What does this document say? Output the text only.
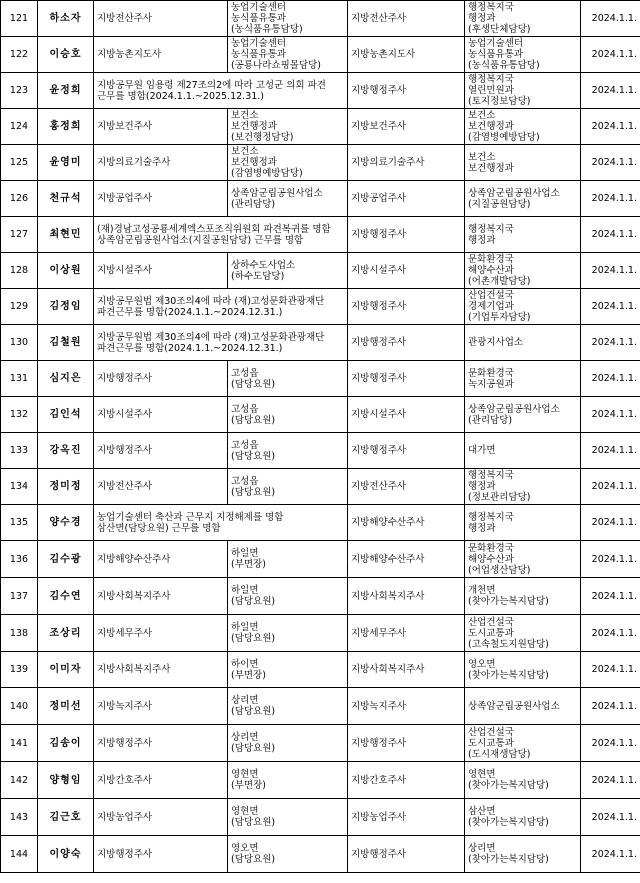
121	하소자	지방전산주사	농업기술센터
농식품유통과
(농식품유통담당)	지방전산주사	행정복지국
행정과
(후생단체담당)	2024.1.1.
122	이승호	지방농촌지도사	농업기술센터
농식품유통과
(공룡나라쇼핑몰담당)	지방농촌지도사	농업기술센터
농식품유통과
(농식품유통담당)	2024.1.1.
123	윤정희	지방공무원 임용령 제27조의2에 따라 고성군 의회 파견
근무를 명함(2024.1.1.~2025.12.31.)		지방행정주사	행정복지국
열린민원과
(토지정보담당)	2024.1.1.
124	홍정희	지방보건주사	보건소
보건행정과
(보건행정담당)	지방보건주사	보건소
보건행정과
(감염병예방담당)	2024.1.1.
125	윤영미	지방의료기술주사	보건소
보건행정과
(감염병예방담당)	지방의료기술주사	보건소
보건행정과	2024.1.1.
126	천규석	지방공업주사	상족암군립공원사업소
(관리담당)	지방공업주사	상족암군립공원사업소
(지질공원담당)	2024.1.1.
127	최현민	(재)경남고성공룡세계엑스포조직위원회 파견복귀를 명함
상족암군립공원사업소(지질공원담당) 근무를 명함		지방행정주사	행정복지국
행정과	2024.1.1.
128	이상원	지방시설주사	상하수도사업소
(하수도담당)	지방시설주사	문화환경국
해양수산과
(어촌개발담당)	2024.1.1.
129	김정임	지방공무원법 제30조의4에 따라 (재)고성문화관광재단
파견근무를 명함(2024.1.1.~2024.12.31.)		지방행정주사	산업건설국
경제기업과
(기업투자담당)	2024.1.1.
130	김철원	지방공무원법 제30조의4에 따라 (재)고성문화관광재단
파견근무를 명함(2024.1.1.~2024.12.31.)		지방행정주사	관광지사업소	2024.1.1.
131	심지은	지방행정주사	고성읍
(담당요원)	지방행정주사	문화환경국
녹지공원과	2024.1.1.
132	김인석	지방시설주사	고성읍
(담당요원)	지방시설주사	상족암군립공원사업소
(관리담당)	2024.1.1.
133	강옥진	지방행정주사	고성읍
(담당요원)	지방행정주사	대가면	2024.1.1.
134	정미정	지방전산주사	고성읍
(담당요원)	지방전산주사	행정복지국
행정과
(정보관리담당)	2024.1.1.
135	양수경	농업기술센터 축산과 근무지 지정해제를 명함
삼산면(담당요원) 근무를 명함		지방해양수산주사	행정복지국
행정과	2024.1.1.
136	김수광	지방해양수산주사	하일면
(부면장)	지방해양수산주사	문화환경국
해양수산과
(어업생산담당)	2024.1.1.
137	김수연	지방사회복지주사	하일면
(담당요원)	지방사회복지주사	개천면
(찾아가는복지담당)	2024.1.1.
138	조상리	지방세무주사	하일면
(담당요원)	지방세무주사	산업건설국
도시교통과
(고속철도지원담당)	2024.1.1.
139	이미자	지방사회복지주사	하이면
(부면장)	지방사회복지주사	영오면
(찾아가는복지담당)	2024.1.1.
140	정미선	지방녹지주사	상리면
(담당요원)	지방녹지주사	상족암군립공원사업소	2024.1.1.
141	김송이	지방행정주사	상리면
(담당요원)	지방행정주사	산업건설국
도시교통과
(도시재생담당)	2024.1.1.
142	양형임	지방간호주사	영현면
(부면장)	지방간호주사	영현면
(찾아가는복지담당)	2024.1.1.
143	김근호	지방농업주사	영현면
(담당요원)	지방농업주사	삼산면
(찾아가는복지담당)	2024.1.1.
144	이양숙	지방행정주사	영오면
(담당요원)	지방행정주사	상리면
(찾아가는복지담당)	2024.1.1.
